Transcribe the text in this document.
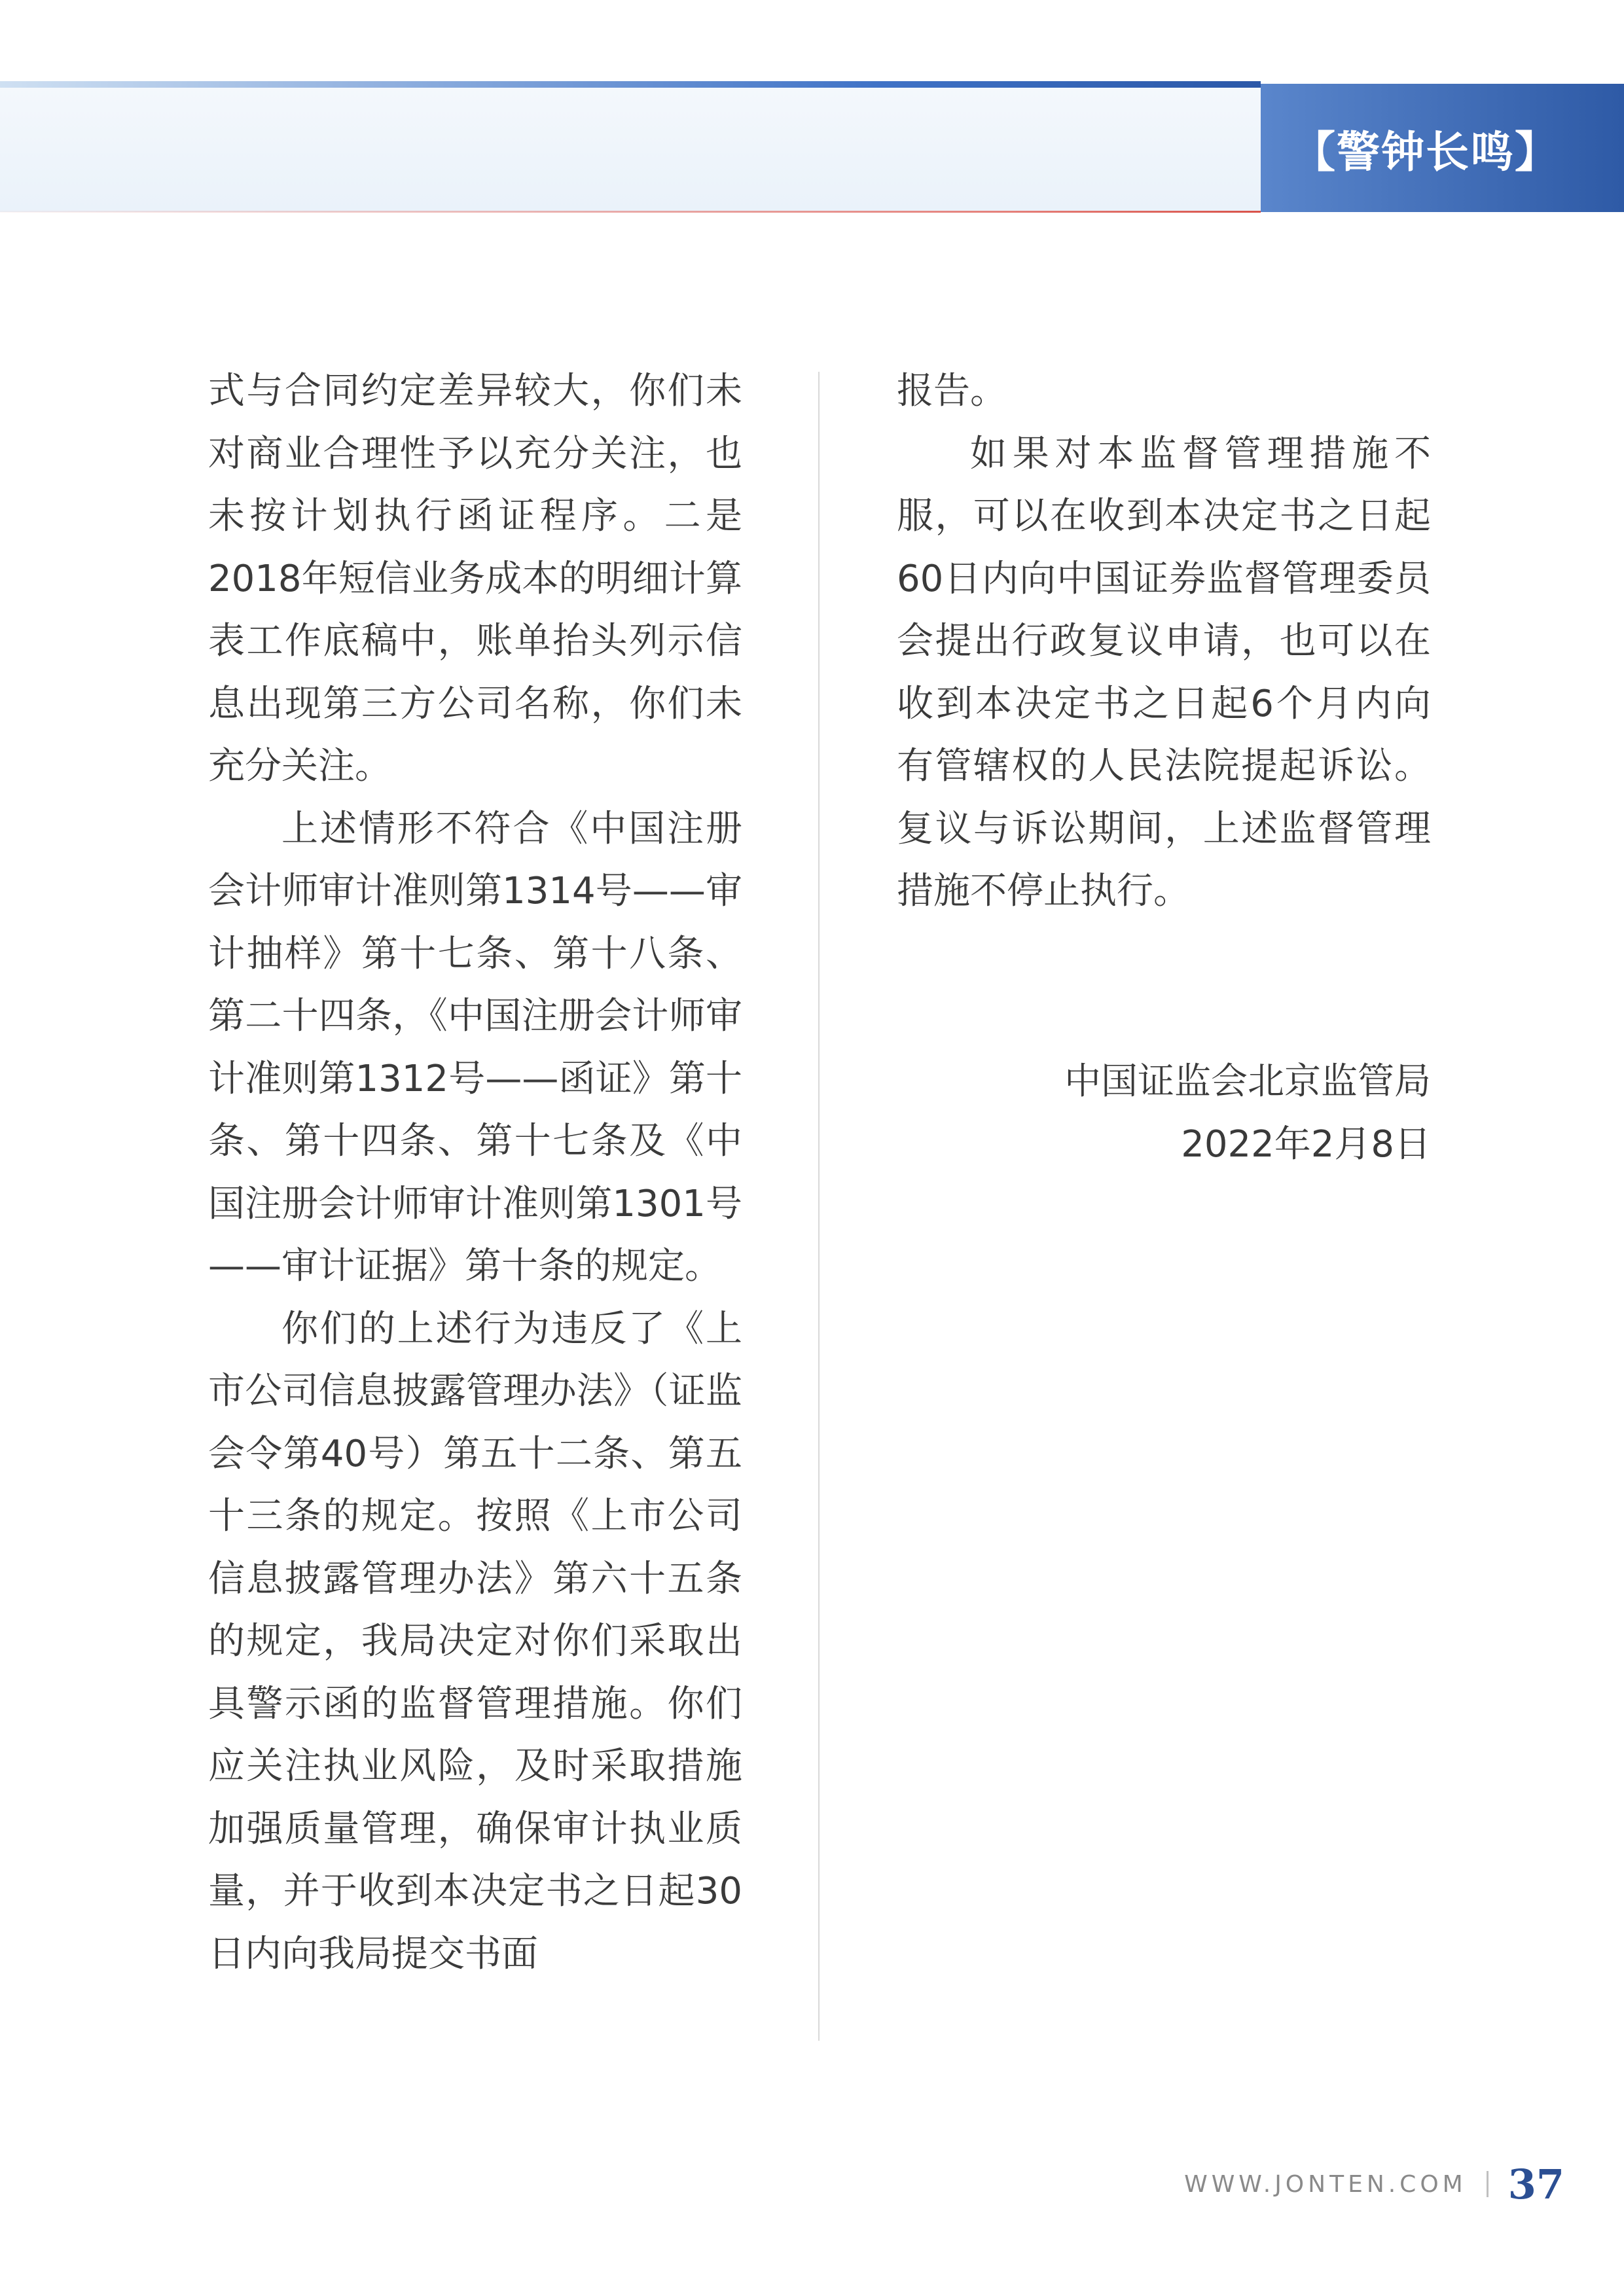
【警钟长鸣】

式与合同约定差异较大，你们未对商业合理性予以充分关注，也未按计划执行函证程序。二是2018年短信业务成本的明细计算表工作底稿中，账单抬头列示信息出现第三方公司名称，你们未充分关注。

上述情形不符合《中国注册会计师审计准则第1314号——审计抽样》第十七条、第十八条、第二十四条，《中国注册会计师审计准则第1312号——函证》第十条、第十四条、第十七条及《中国注册会计师审计准则第1301号——审计证据》第十条的规定。

你们的上述行为违反了《上市公司信息披露管理办法》（证监会令第40号）第五十二条、第五十三条的规定。按照《上市公司信息披露管理办法》第六十五条的规定，我局决定对你们采取出具警示函的监督管理措施。你们应关注执业风险，及时采取措施加强质量管理，确保审计执业质量，并于收到本决定书之日起30日内向我局提交书面

报告。

如果对本监督管理措施不服，可以在收到本决定书之日起60日内向中国证券监督管理委员会提出行政复议申请，也可以在收到本决定书之日起6个月内向有管辖权的人民法院提起诉讼。复议与诉讼期间，上述监督管理措施不停止执行。

中国证监会北京监管局
2022年2月8日
WWW.JONTEN.COM 37
